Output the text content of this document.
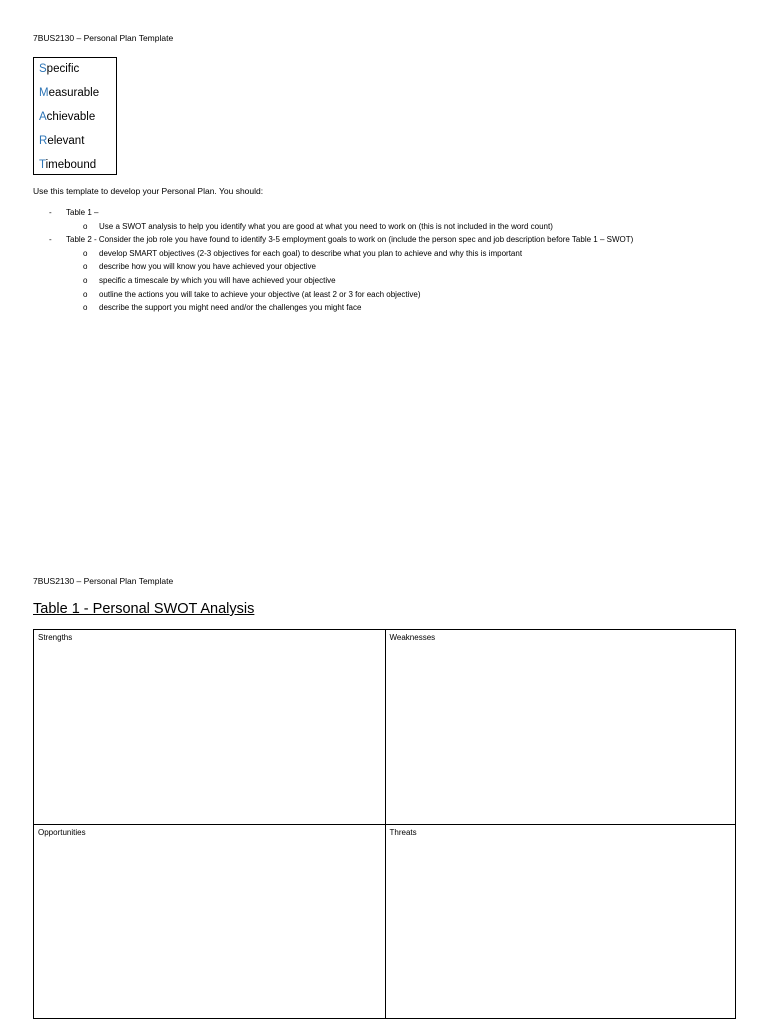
7BUS2130 – Personal Plan Template
Specific
Measurable
Achievable
Relevant
Timebound
Use this template to develop your Personal Plan. You should:
- Table 1 –
o Use a SWOT analysis to help you identify what you are good at what you need to work on (this is not included in the word count)
- Table 2 - Consider the job role you have found to identify 3-5 employment goals to work on (include the person spec and job description before Table 1 – SWOT)
o develop SMART objectives (2-3 objectives for each goal) to describe what you plan to achieve and why this is important
o describe how you will know you have achieved your objective
o specific a timescale by which you will have achieved your objective
o outline the actions you will take to achieve your objective (at least 2 or 3 for each objective)
o describe the support you might need and/or the challenges you might face
7BUS2130 – Personal Plan Template
Table 1 - Personal SWOT Analysis
Strengths	Weaknesses
Opportunities	Threats
